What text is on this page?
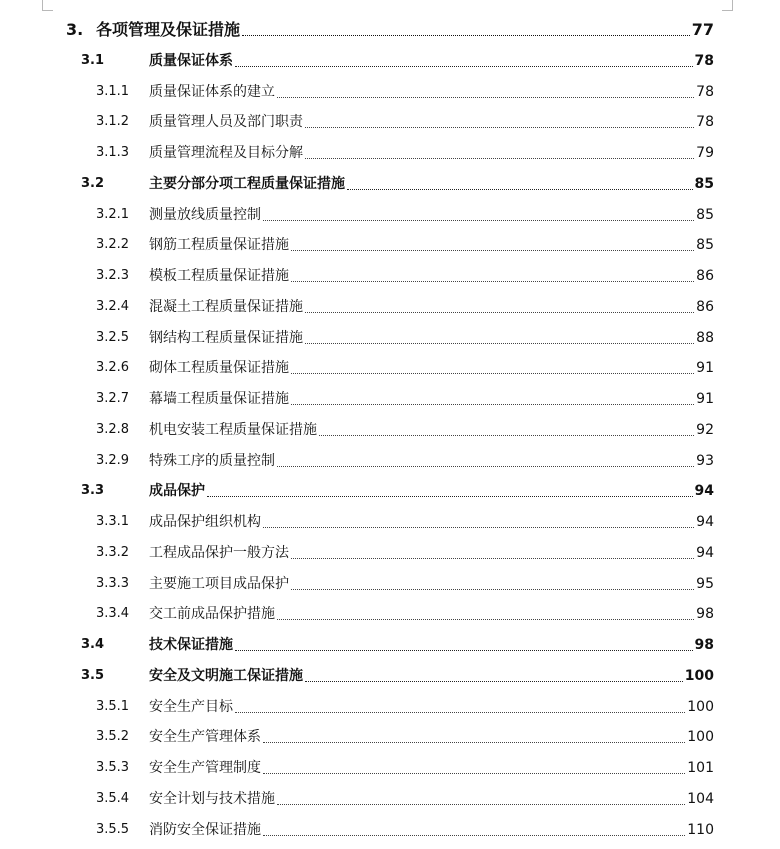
3. 各项管理及保证措施	77
3.1	质量保证体系	78
3.1.1 质量保证体系的建立	78
3.1.2 质量管理人员及部门职责	78
3.1.3 质量管理流程及目标分解	79
3.2	主要分部分项工程质量保证措施	85
3.2.1 测量放线质量控制	85
3.2.2 钢筋工程质量保证措施	85
3.2.3 模板工程质量保证措施	86
3.2.4 混凝土工程质量保证措施	86
3.2.5 钢结构工程质量保证措施	88
3.2.6 砌体工程质量保证措施	91
3.2.7 幕墙工程质量保证措施	91
3.2.8 机电安装工程质量保证措施	92
3.2.9 特殊工序的质量控制	93
3.3	成品保护	94
3.3.1 成品保护组织机构	94
3.3.2 工程成品保护一般方法	94
3.3.3 主要施工项目成品保护	95
3.3.4 交工前成品保护措施	98
3.4	技术保证措施	98
3.5	安全及文明施工保证措施	100
3.5.1 安全生产目标	100
3.5.2 安全生产管理体系	100
3.5.3 安全生产管理制度	101
3.5.4 安全计划与技术措施	104
3.5.5 消防安全保证措施	110
